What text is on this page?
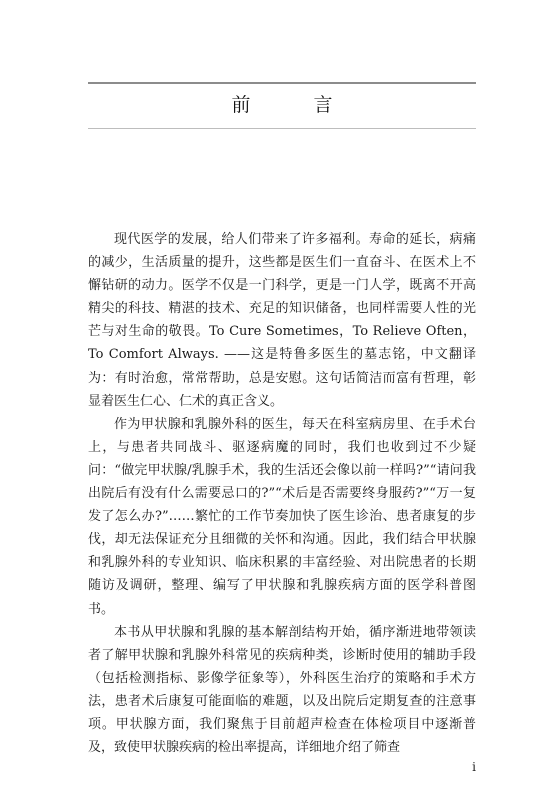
前　言

现代医学的发展，给人们带来了许多福利。寿命的延长，病痛的减少，生活质量的提升，这些都是医生们一直奋斗、在医术上不懈钻研的动力。医学不仅是一门科学，更是一门人学，既离不开高精尖的科技、精湛的技术、充足的知识储备，也同样需要人性的光芒与对生命的敬畏。To Cure Sometimes，To Relieve Often，To Comfort Always. ——这是特鲁多医生的墓志铭，中文翻译为：有时治愈，常常帮助，总是安慰。这句话简洁而富有哲理，彰显着医生仁心、仁术的真正含义。

作为甲状腺和乳腺外科的医生，每天在科室病房里、在手术台上，与患者共同战斗、驱逐病魔的同时，我们也收到过不少疑问：“做完甲状腺/乳腺手术，我的生活还会像以前一样吗?”“请问我出院后有没有什么需要忌口的?”“术后是否需要终身服药?”“万一复发了怎么办?”……繁忙的工作节奏加快了医生诊治、患者康复的步伐，却无法保证充分且细微的关怀和沟通。因此，我们结合甲状腺和乳腺外科的专业知识、临床积累的丰富经验、对出院患者的长期随访及调研，整理、编写了甲状腺和乳腺疾病方面的医学科普图书。

本书从甲状腺和乳腺的基本解剖结构开始，循序渐进地带领读者了解甲状腺和乳腺外科常见的疾病种类，诊断时使用的辅助手段（包括检测指标、影像学征象等），外科医生治疗的策略和手术方法，患者术后康复可能面临的难题，以及出院后定期复查的注意事项。甲状腺方面，我们聚焦于目前超声检查在体检项目中逐渐普及，致使甲状腺疾病的检出率提高，详细地介绍了筛查

i
